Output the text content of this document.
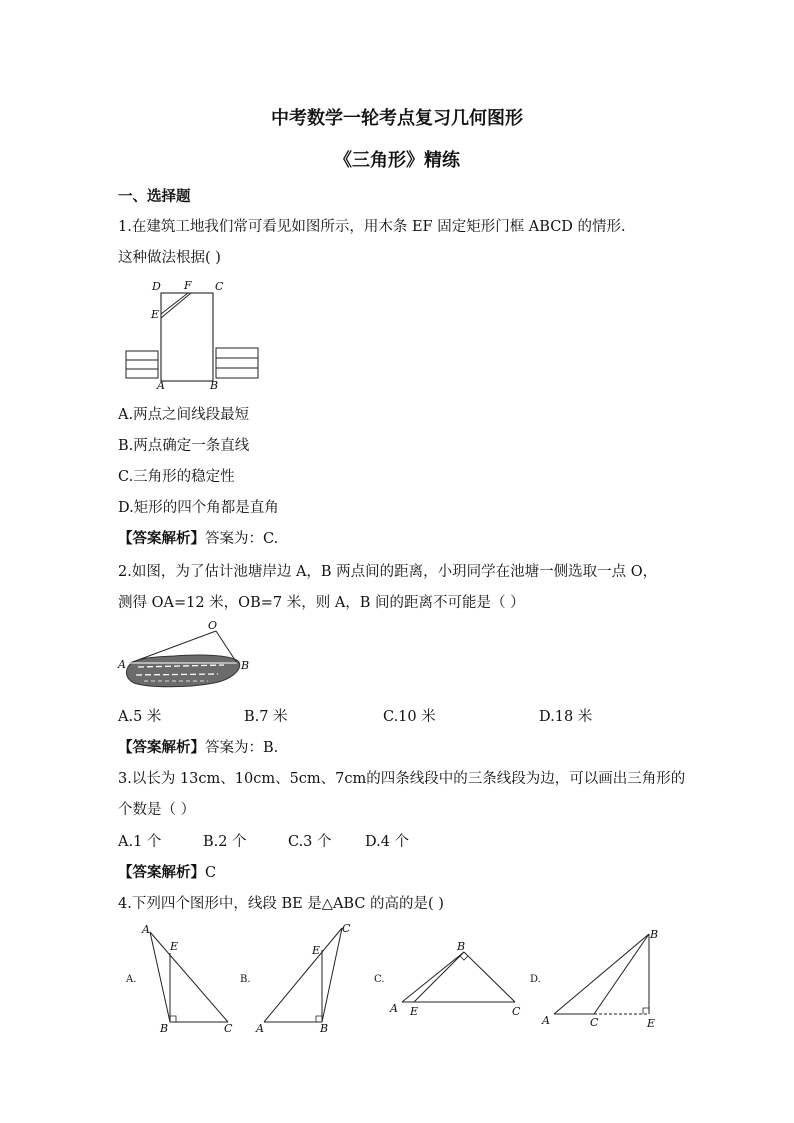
中考数学一轮考点复习几何图形
《三角形》精练
一、选择题
1.在建筑工地我们常可看见如图所示，用木条 EF 固定矩形门框 ABCD 的情形.
这种做法根据( )
D F C
E
A	B
A.两点之间线段最短
B.两点确定一条直线
C.三角形的稳定性
D.矩形的四个角都是直角
【答案解析】答案为：C.
2.如图，为了估计池塘岸边 A，B 两点间的距离，小玥同学在池塘一侧选取一点 O，
测得 OA=12 米，OB=7 米，则 A，B 间的距离不可能是（ ）
O
A	B
A.5 米	B.7 米	C.10 米	D.18 米
【答案解析】答案为：B.
3.以长为 13cm、10cm、5cm、7cm的四条线段中的三条线段为边，可以画出三角形的
个数是（ ）
A.1 个	B.2 个	C.3 个 D.4 个
【答案解析】C
4.下列四个图形中，线段 BE 是△ABC 的高的是( )
A.
A
E
B	C
B.
C
E
A	B
C.
B
A E	C
D.
B
A	C	E
